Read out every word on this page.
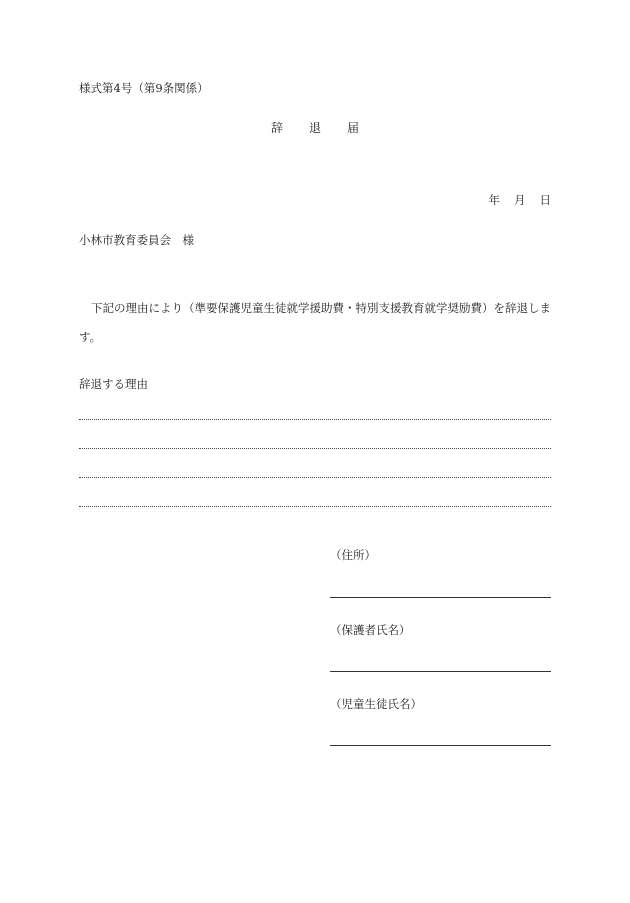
様式第4号（第9条関係）
辞 退 届
年 月 日
小林市教育委員会　様
下記の理由により（準要保護児童生徒就学援助費・特別支援教育就学奨励費）を辞退します。
辞退する理由
（住所）
（保護者氏名）
（児童生徒氏名）
